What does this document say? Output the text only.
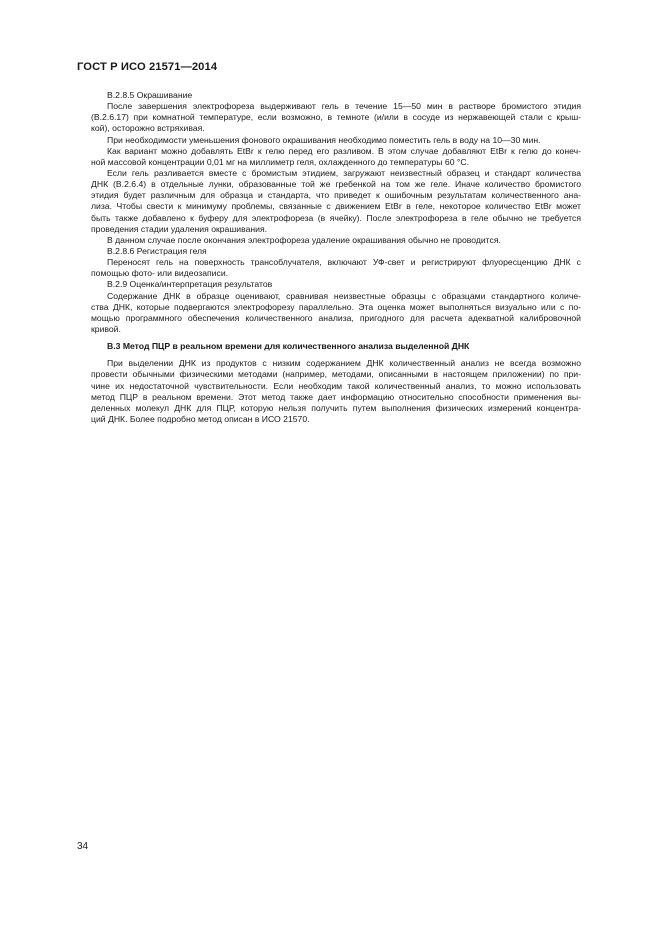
ГОСТ Р ИСО 21571—2014
В.2.8.5 Окрашивание
После завершения электрофореза выдерживают гель в течение 15—50 мин в растворе бромистого этидия
(В.2.6.17) при комнатной температуре, если возможно, в темноте (и/или в сосуде из нержавеющей стали с крыш-
кой), осторожно встряхивая.
При необходимости уменьшения фонового окрашивания необходимо поместить гель в воду на 10—30 мин.
Как вариант можно добавлять EtBr к гелю перед его разливом. В этом случае добавляют EtBr к гелю до конеч-
ной массовой концентрации 0,01 мг на миллиметр геля, охлажденного до температуры 60 °С.
Если гель разливается вместе с бромистым этидием, загружают неизвестный образец и стандарт количества
ДНК (В.2.6.4) в отдельные лунки, образованные той же гребенкой на том же геле. Иначе количество бромистого
этидия будет различным для образца и стандарта, что приведет к ошибочным результатам количественного ана-
лиза. Чтобы свести к минимуму проблемы, связанные с движением EtBr в геле, некоторое количество EtBr может
быть также добавлено к буферу для электрофореза (в ячейку). После электрофореза в геле обычно не требуется
проведения стадии удаления окрашивания.
В данном случае после окончания электрофореза удаление окрашивания обычно не проводится.
В.2.8.6 Регистрация геля
Переносят гель на поверхность трансоблучателя, включают УФ-свет и регистрируют флуоресценцию ДНК с
помощью фото- или видеозаписи.
В.2.9 Оценка/интерпретация результатов
Содержание ДНК в образце оценивают, сравнивая неизвестные образцы с образцами стандартного количе-
ства ДНК, которые подвергаются электрофорезу параллельно. Эта оценка может выполняться визуально или с по-
мощью программного обеспечения количественного анализа, пригодного для расчета адекватной калибровочной
кривой.
В.3 Метод ПЦР в реальном времени для количественного анализа выделенной ДНК
При выделении ДНК из продуктов с низким содержанием ДНК количественный анализ не всегда возможно
провести обычными физическими методами (например, методами, описанными в настоящем приложении) по при-
чине их недостаточной чувствительности. Если необходим такой количественный анализ, то можно использовать
метод ПЦР в реальном времени. Этот метод также дает информацию относительно способности применения вы-
деленных молекул ДНК для ПЦР, которую нельзя получить путем выполнения физических измерений концентра-
ций ДНК. Более подробно метод описан в ИСО 21570.
34
